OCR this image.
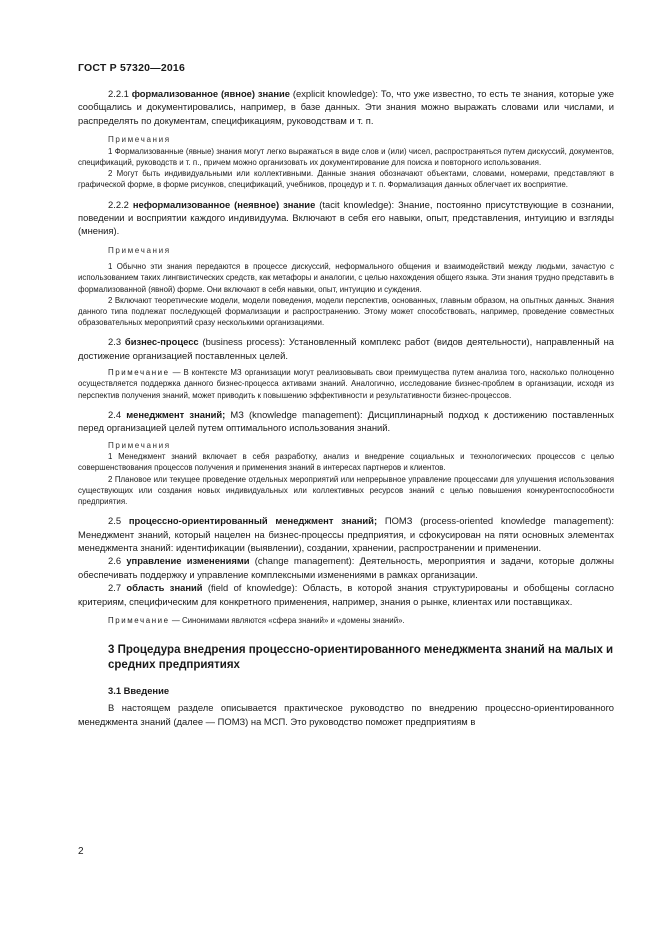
ГОСТ Р 57320—2016

2.2.1 формализованное (явное) знание (explicit knowledge): То, что уже известно, то есть те знания, которые уже сообщались и документировались, например, в базе данных. Эти знания можно выражать словами или числами, и распределять по документам, спецификациям, руководствам и т. п.

Примечания

1 Формализованные (явные) знания могут легко выражаться в виде слов и (или) чисел, распространяться путем дискуссий, документов, спецификаций, руководств и т. п., причем можно организовать их документирование для поиска и повторного использования.

2 Могут быть индивидуальными или коллективными. Данные знания обозначают объектами, словами, номерами, представляют в графической форме, в форме рисунков, спецификаций, учебников, процедур и т. п. Формализация данных облегчает их восприятие.

2.2.2 неформализованное (неявное) знание (tacit knowledge): Знание, постоянно присутствующие в сознании, поведении и восприятии каждого индивидуума. Включают в себя его навыки, опыт, представления, интуицию и взгляды (мнения).

Примечания

1 Обычно эти знания передаются в процессе дискуссий, неформального общения и взаимодействий между людьми, зачастую с использованием таких лингвистических средств, как метафоры и аналогии, с целью нахождения общего языка. Эти знания трудно представить в формализованной (явной) форме. Они включают в себя навыки, опыт, интуицию и суждения.

2 Включают теоретические модели, модели поведения, модели перспектив, основанных, главным образом, на опытных данных. Знания данного типа подлежат последующей формализации и распространению. Этому может способствовать, например, проведение совместных образовательных мероприятий сразу несколькими организациями.

2.3 бизнес-процесс (business process): Установленный комплекс работ (видов деятельности), направленный на достижение организацией поставленных целей.

Примечание — В контексте МЗ организации могут реализовывать свои преимущества путем анализа того, насколько полноценно осуществляется поддержка данного бизнес-процесса активами знаний. Аналогично, исследование бизнес-проблем в организации, исходя из перспектив получения знаний, может приводить к повышению эффективности и результативности бизнес-процессов.

2.4 менеджмент знаний; МЗ (knowledge management): Дисциплинарный подход к достижению поставленных перед организацией целей путем оптимального использования знаний.

Примечания

1 Менеджмент знаний включает в себя разработку, анализ и внедрение социальных и технологических процессов с целью совершенствования процессов получения и применения знаний в интересах партнеров и клиентов.

2 Плановое или текущее проведение отдельных мероприятий или непрерывное управление процессами для улучшения использования существующих или создания новых индивидуальных или коллективных ресурсов знаний с целью повышения конкурентоспособности предприятия.

2.5 процессно-ориентированный менеджмент знаний; ПОМЗ (process-oriented knowledge management): Менеджмент знаний, который нацелен на бизнес-процессы предприятия, и сфокусирован на пяти основных элементах менеджмента знаний: идентификации (выявлении), создании, хранении, распространении и применении.

2.6 управление изменениями (change management): Деятельность, мероприятия и задачи, которые должны обеспечивать поддержку и управление комплексными изменениями в рамках организации.

2.7 область знаний (field of knowledge): Область, в которой знания структурированы и обобщены согласно критериям, специфическим для конкретного применения, например, знания о рынке, клиентах или поставщиках.

Примечание — Синонимами являются «сфера знаний» и «домены знаний».

3 Процедура внедрения процессно-ориентированного менеджмента знаний на малых и средних предприятиях

3.1 Введение

В настоящем разделе описывается практическое руководство по внедрению процессно-ориентированного менеджмента знаний (далее — ПОМЗ) на МСП. Это руководство поможет предприятиям в

2
